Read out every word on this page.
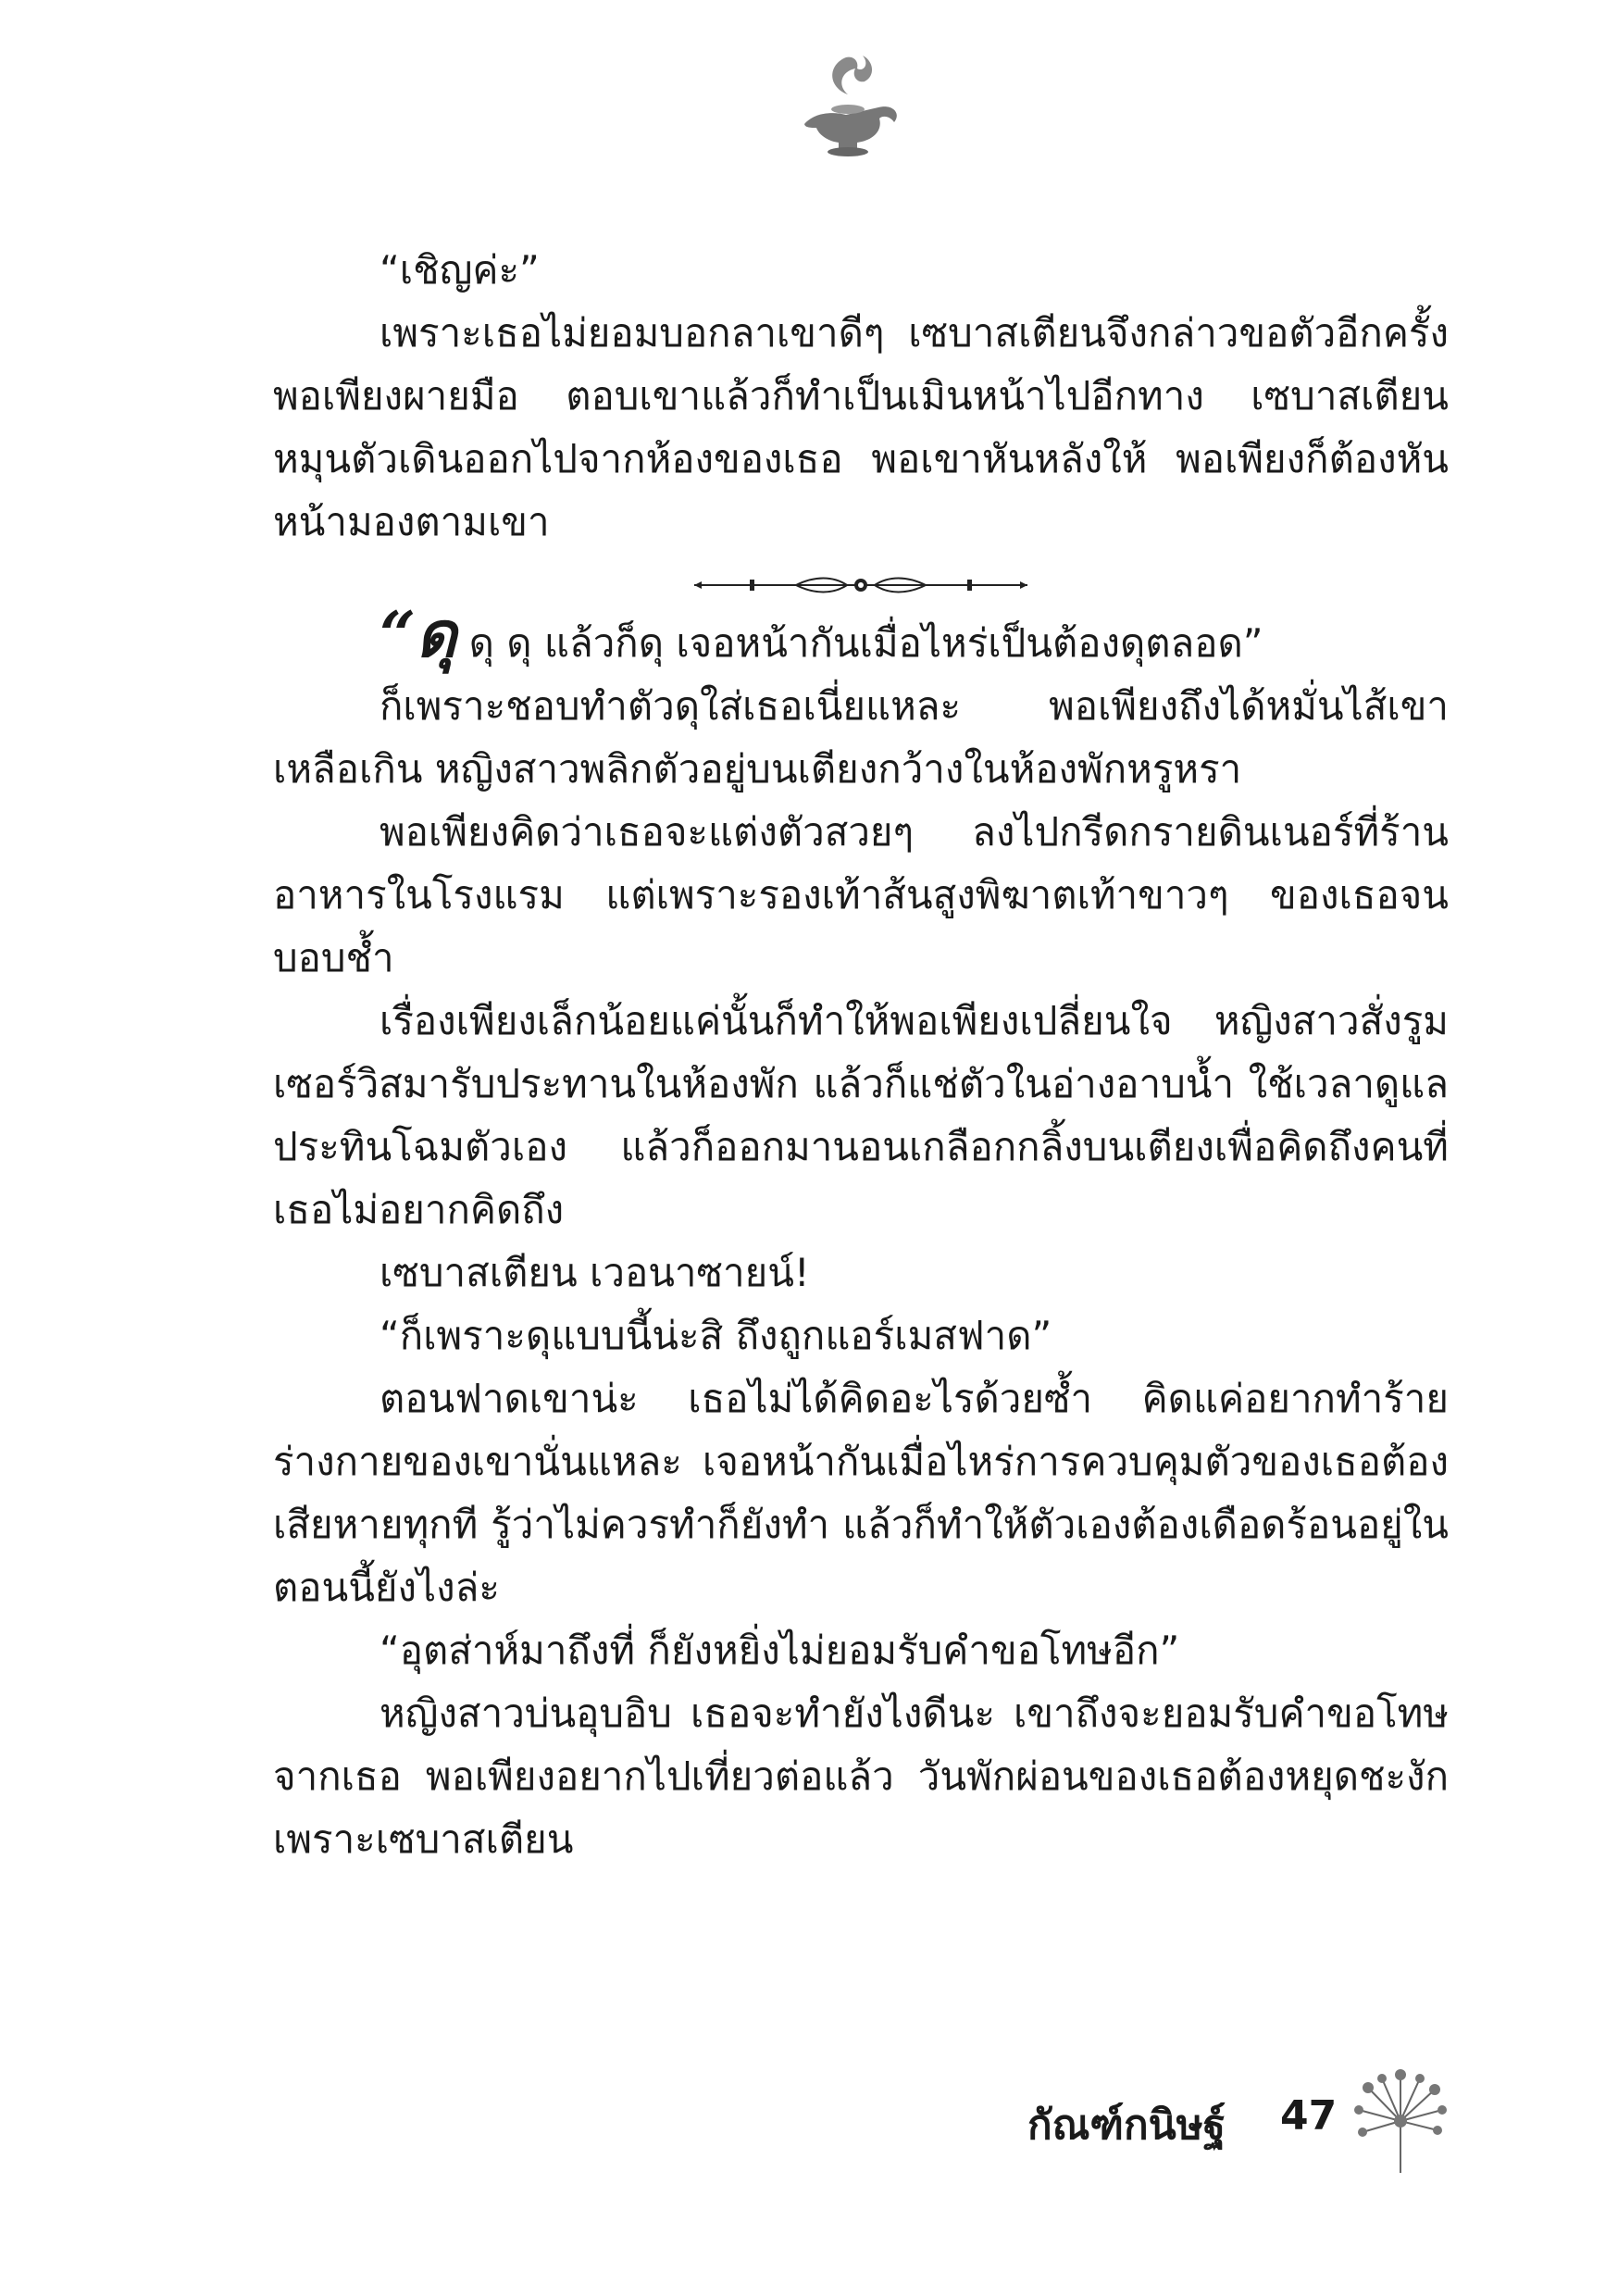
“เชิญค่ะ”

เพราะเธอไม่ยอมบอกลาเขาดีๆ เซบาสเตียนจึงกล่าวขอตัวอีกครั้ง พอเพียงผายมือ ตอบเขาแล้วก็ทำเป็นเมินหน้าไปอีกทาง เซบาสเตียนหมุนตัวเดินออกไปจากห้องของเธอ พอเขาหันหลังให้ พอเพียงก็ต้องหันหน้ามองตามเขา

“ดุ ดุ ดุ แล้วก็ดุ เจอหน้ากันเมื่อไหร่เป็นต้องดุตลอด”

ก็เพราะชอบทำตัวดุใส่เธอเนี่ยแหละ พอเพียงถึงได้หมั่นไส้เขาเหลือเกิน หญิงสาวพลิกตัวอยู่บนเตียงกว้างในห้องพักหรูหรา

พอเพียงคิดว่าเธอจะแต่งตัวสวยๆ ลงไปกรีดกรายดินเนอร์ที่ร้านอาหารในโรงแรม แต่เพราะรองเท้าส้นสูงพิฆาตเท้าขาวๆ ของเธอจนบอบช้ำ

เรื่องเพียงเล็กน้อยแค่นั้นก็ทำให้พอเพียงเปลี่ยนใจ หญิงสาวสั่งรูมเซอร์วิสมารับประทานในห้องพัก แล้วก็แช่ตัวในอ่างอาบน้ำ ใช้เวลาดูแลประทินโฉมตัวเอง แล้วก็ออกมานอนเกลือกกลิ้งบนเตียงเพื่อคิดถึงคนที่เธอไม่อยากคิดถึง

เซบาสเตียน เวอนาซายน์!

“ก็เพราะดุแบบนี้น่ะสิ ถึงถูกแอร์เมสฟาด”

ตอนฟาดเขาน่ะ เธอไม่ได้คิดอะไรด้วยซ้ำ คิดแค่อยากทำร้ายร่างกายของเขานั่นแหละ เจอหน้ากันเมื่อไหร่การควบคุมตัวของเธอต้องเสียหายทุกที รู้ว่าไม่ควรทำก็ยังทำ แล้วก็ทำให้ตัวเองต้องเดือดร้อนอยู่ในตอนนี้ยังไงล่ะ

“อุตส่าห์มาถึงที่ ก็ยังหยิ่งไม่ยอมรับคำขอโทษอีก”

หญิงสาวบ่นอุบอิบ เธอจะทำยังไงดีนะ เขาถึงจะยอมรับคำขอโทษจากเธอ พอเพียงอยากไปเที่ยวต่อแล้ว วันพักผ่อนของเธอต้องหยุดชะงักเพราะเซบาสเตียน

กัณฑ์กนิษฐ์ 47
